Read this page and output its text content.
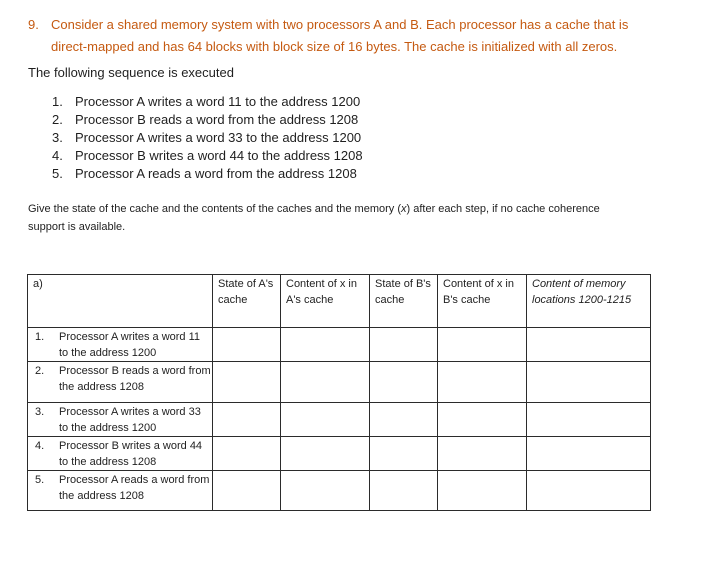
9. Consider a shared memory system with two processors A and B. Each processor has a cache that is direct-mapped and has 64 blocks with block size of 16 bytes. The cache is initialized with all zeros.
The following sequence is executed
1. Processor A writes a word 11 to the address 1200
2. Processor B reads a word from the address 1208
3. Processor A writes a word 33 to the address 1200
4. Processor B writes a word 44 to the address 1208
5. Processor A reads a word from the address 1208
Give the state of the cache and the contents of the caches and the memory (x) after each step, if no cache coherence support is available.
a)	State of A's cache	Content of x in A's cache	State of B's cache	Content of x in B's cache	Content of memory locations 1200-1215

1. Processor A writes a word 11 to the address 1200					

2. Processor B reads a word from the address 1208					

3. Processor A writes a word 33 to the address 1200					

4. Processor B writes a word 44 to the address 1208					

5. Processor A reads a word from the address 1208					
